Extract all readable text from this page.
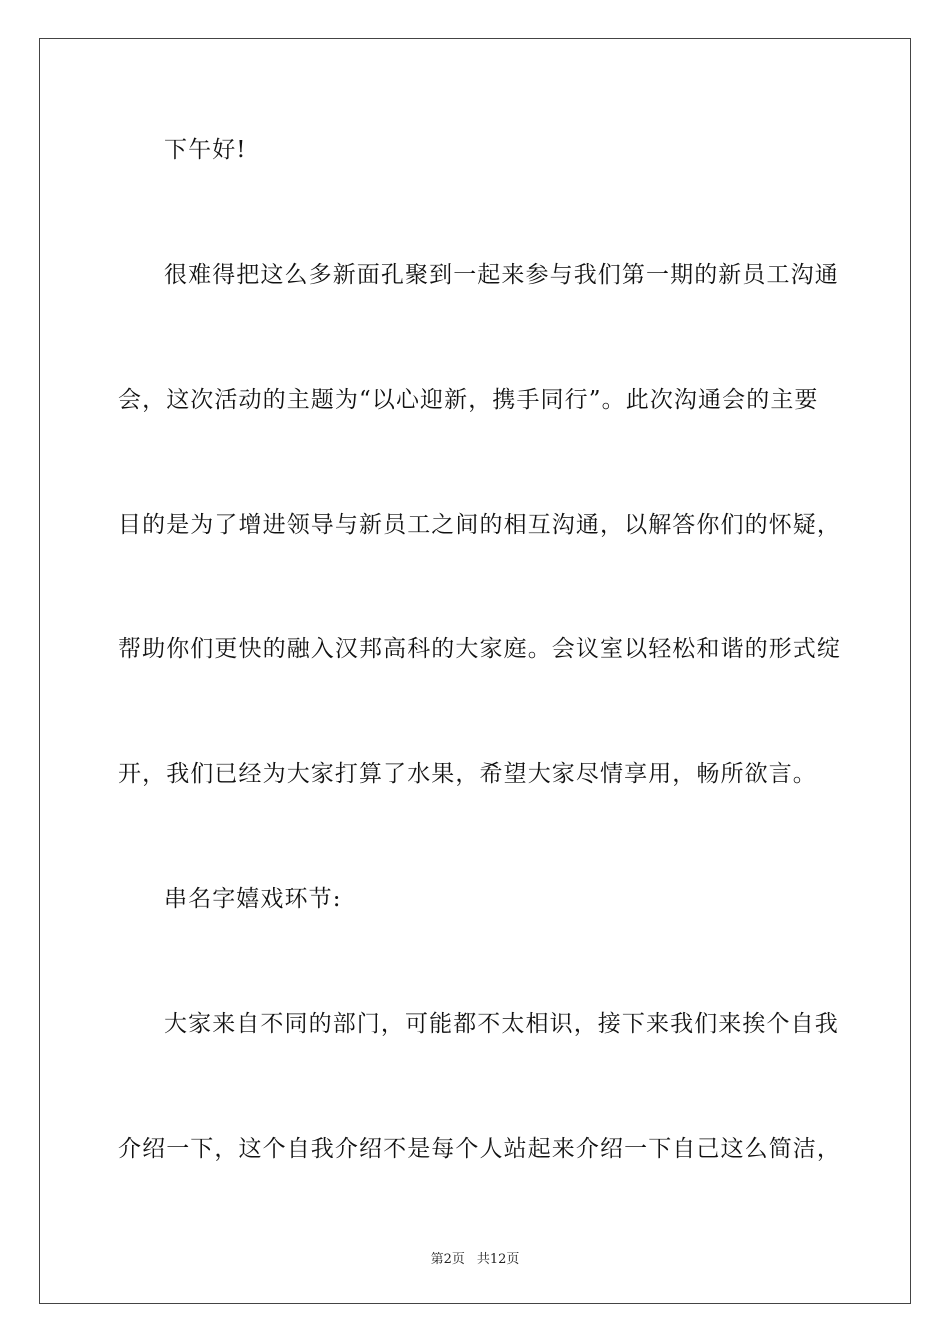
下午好!
很难得把这么多新面孔聚到一起来参与我们第一期的新员工沟通
会，这次活动的主题为“以心迎新，携手同行”。此次沟通会的主要
目的是为了增进领导与新员工之间的相互沟通，以解答你们的怀疑，
帮助你们更快的融入汉邦高科的大家庭。会议室以轻松和谐的形式绽
开，我们已经为大家打算了水果，希望大家尽情享用，畅所欲言。
串名字嬉戏环节:
大家来自不同的部门，可能都不太相识，接下来我们来挨个自我
介绍一下，这个自我介绍不是每个人站起来介绍一下自己这么简洁，
第2页 共12页
